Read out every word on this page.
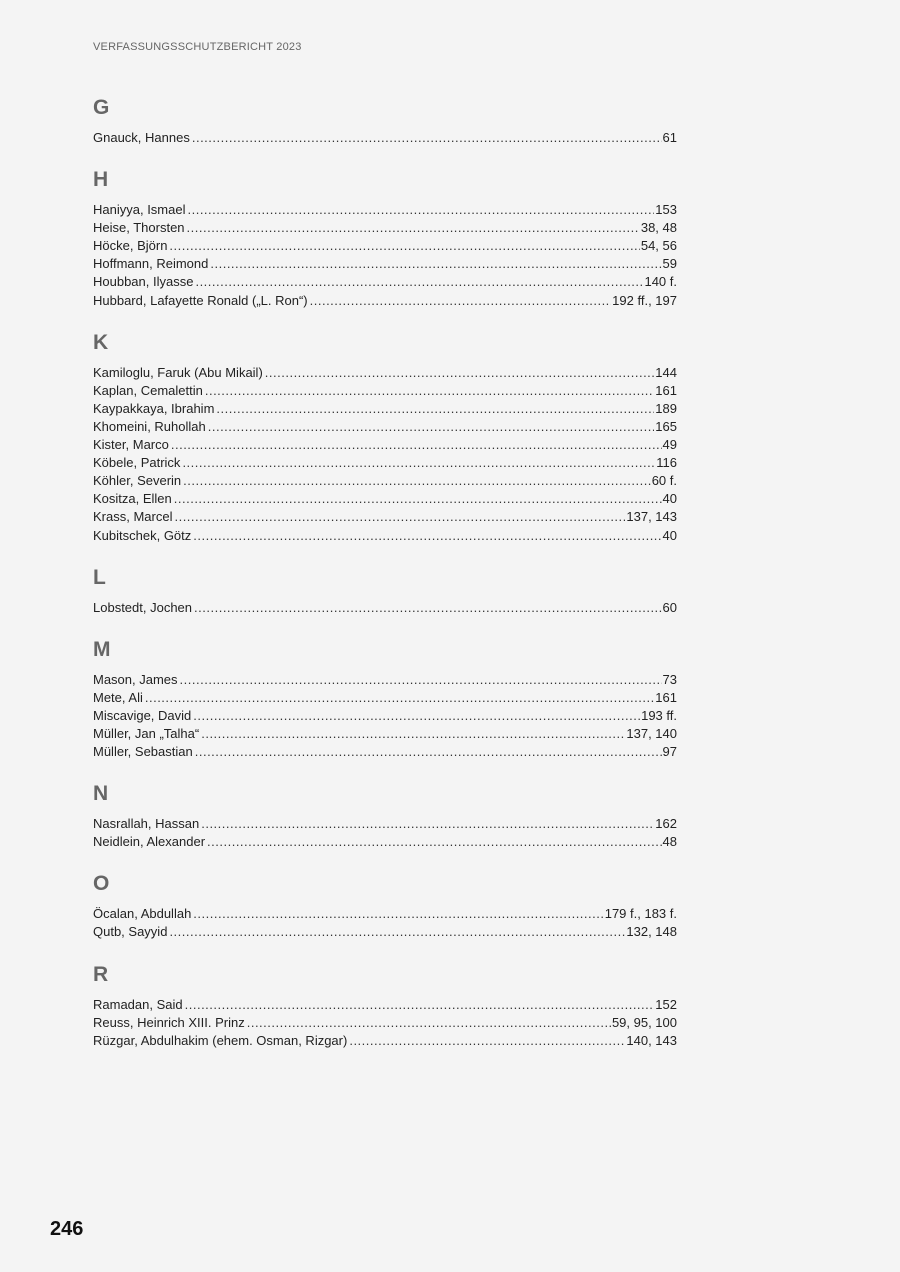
VERFASSUNGSSCHUTZBERICHT 2023
G
Gnauck, Hannes .....	61
H
Haniyya, Ismael .....	153
Heise, Thorsten .....	38, 48
Höcke, Björn .....	54, 56
Hoffmann, Reimond .....	59
Houbban, Ilyasse .....	140 f.
Hubbard, Lafayette Ronald („L. Ron“) .....	192 ff., 197
K
Kamiloglu, Faruk (Abu Mikail) .....	144
Kaplan, Cemalettin .....	161
Kaypakkaya, Ibrahim .....	189
Khomeini, Ruhollah .....	165
Kister, Marco .....	49
Köbele, Patrick .....	116
Köhler, Severin .....	60 f.
Kositza, Ellen .....	40
Krass, Marcel .....	137, 143
Kubitschek, Götz .....	40
L
Lobstedt, Jochen .....	60
M
Mason, James .....	73
Mete, Ali .....	161
Miscavige, David .....	193 ff.
Müller, Jan „Talha“ .....	137, 140
Müller, Sebastian .....	97
N
Nasrallah, Hassan .....	162
Neidlein, Alexander .....	48
O
Öcalan, Abdullah .....	179 f., 183 f.
Qutb, Sayyid .....	132, 148
R
Ramadan, Said .....	152
Reuss, Heinrich XIII. Prinz .....	59, 95, 100
Rüzgar, Abdulhakim (ehem. Osman, Rizgar) .....	140, 143
246
